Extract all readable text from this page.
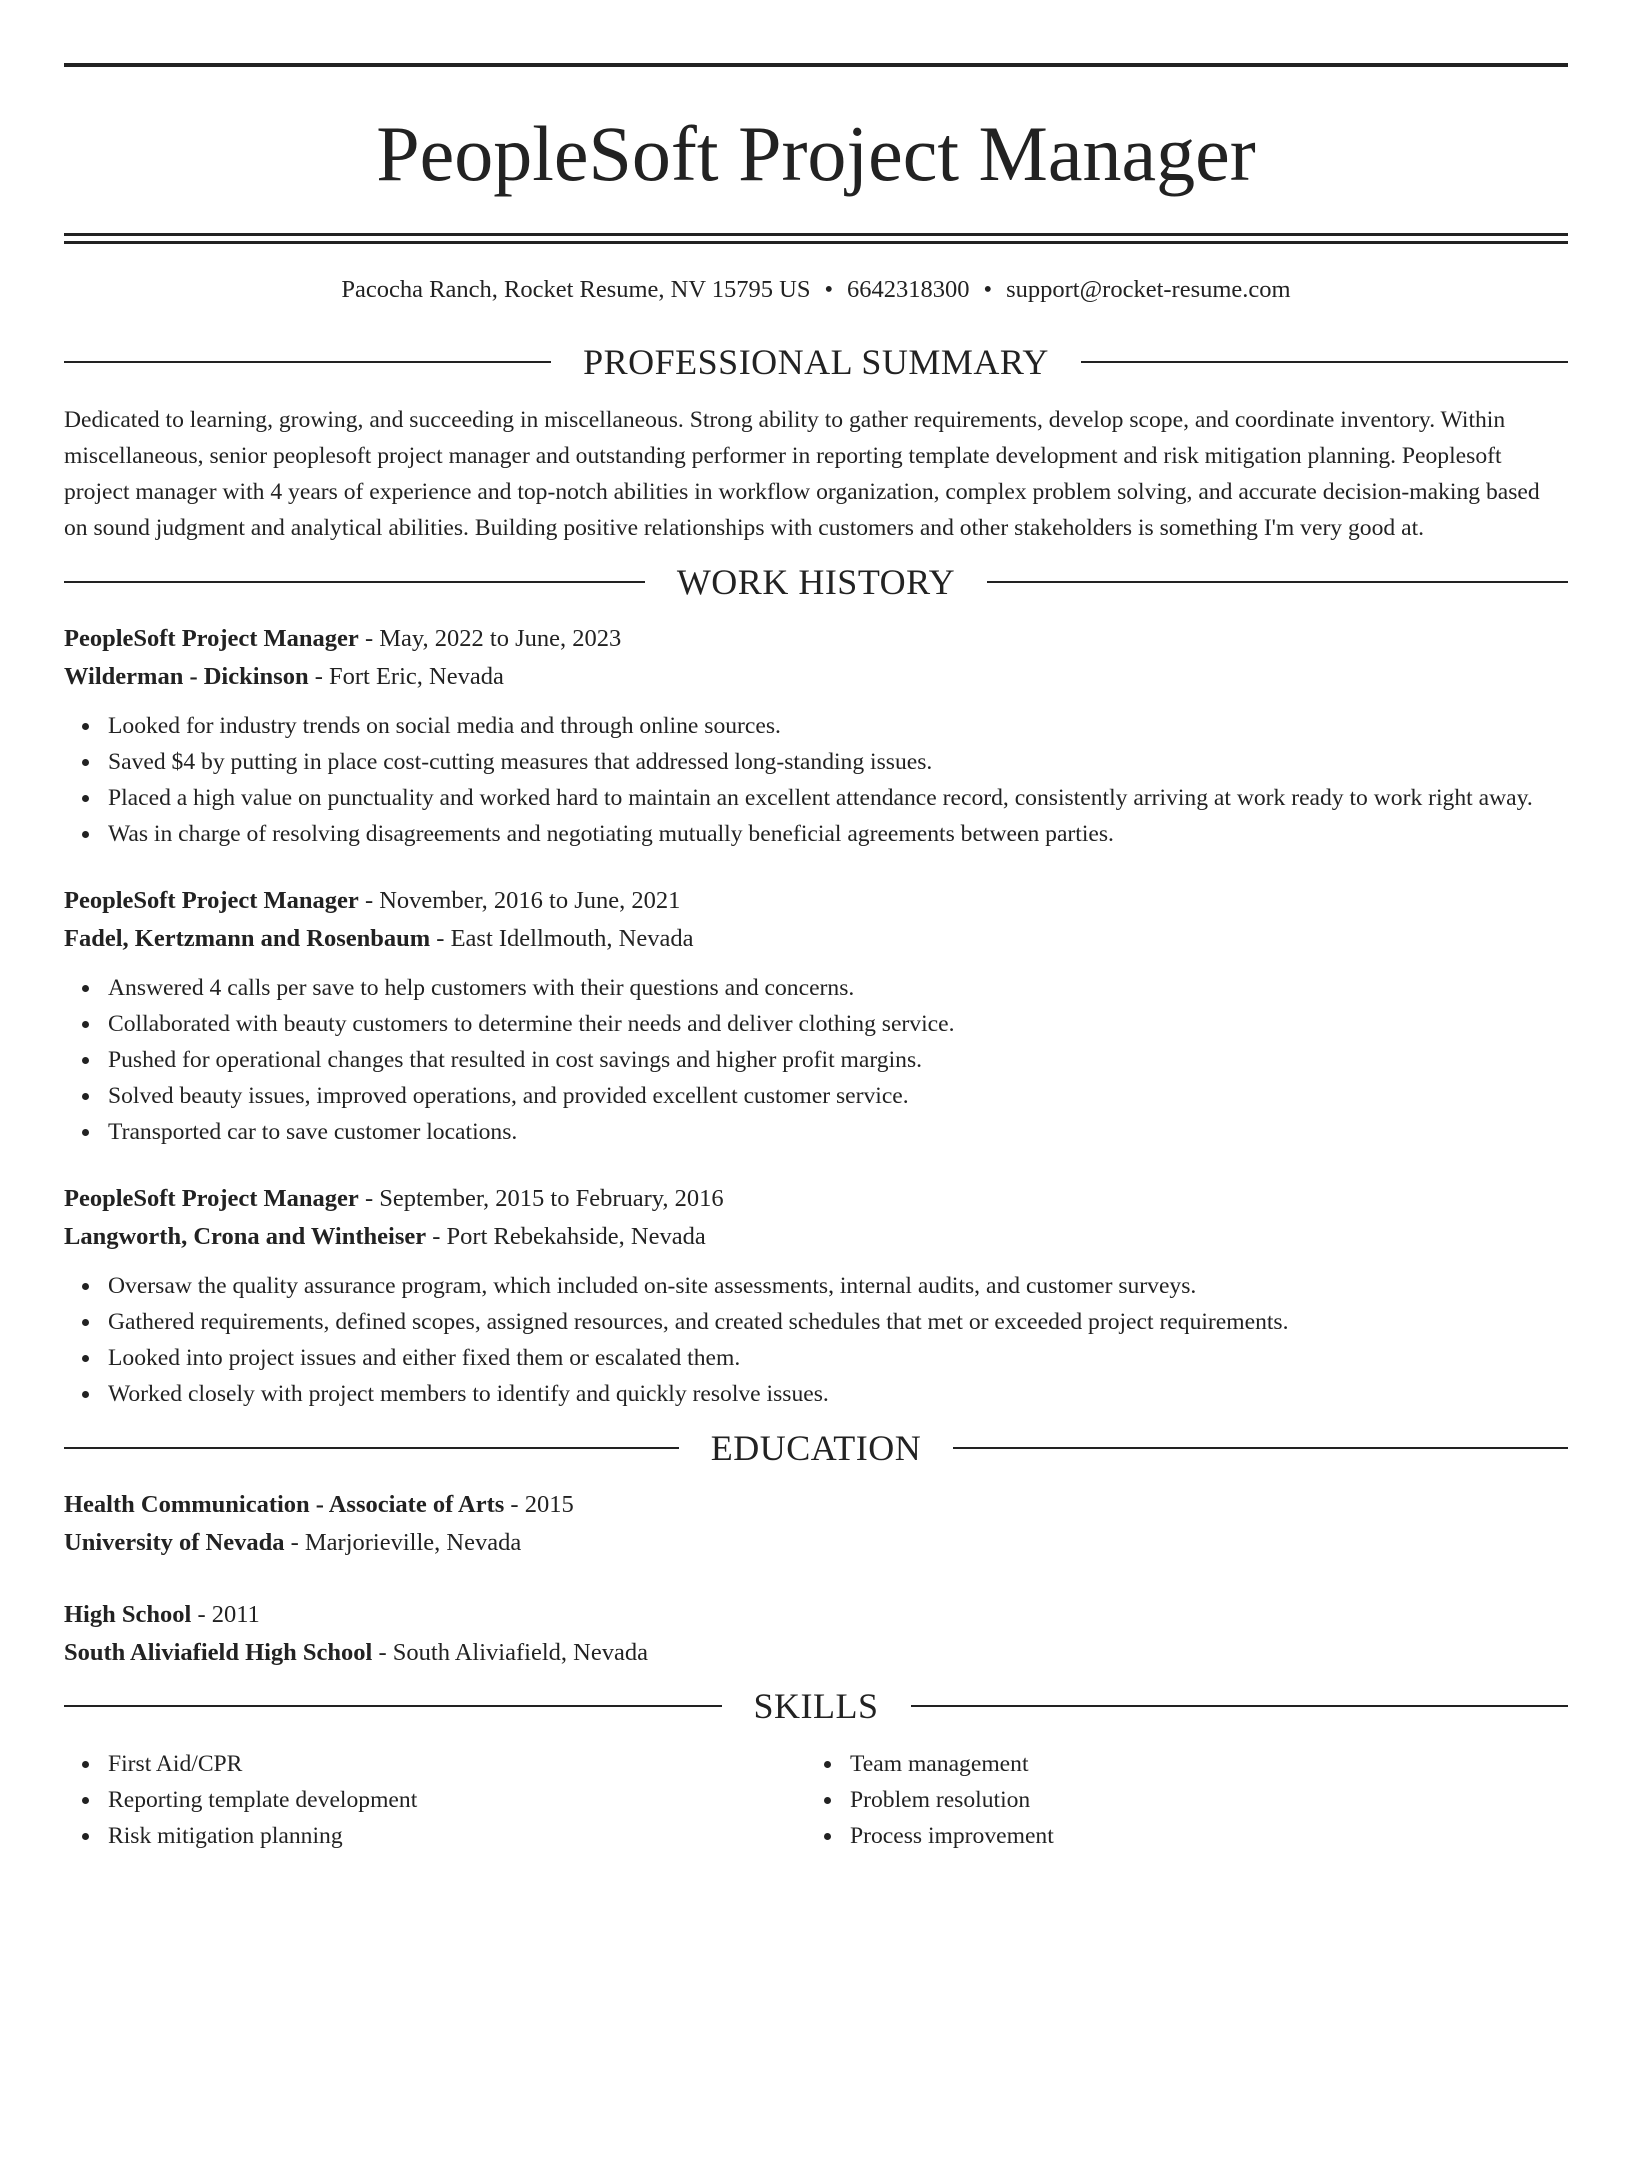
PeopleSoft Project Manager
Pacocha Ranch, Rocket Resume, NV 15795 US • 6642318300 • support@rocket-resume.com
PROFESSIONAL SUMMARY

Dedicated to learning, growing, and succeeding in miscellaneous. Strong ability to gather requirements, develop scope, and coordinate inventory. Within miscellaneous, senior peoplesoft project manager and outstanding performer in reporting template development and risk mitigation planning. Peoplesoft project manager with 4 years of experience and top-notch abilities in workflow organization, complex problem solving, and accurate decision-making based on sound judgment and analytical abilities. Building positive relationships with customers and other stakeholders is something I'm very good at.

WORK HISTORY

PeopleSoft Project Manager - May, 2022 to June, 2023

Wilderman - Dickinson - Fort Eric, Nevada

Looked for industry trends on social media and through online sources.
Saved $4 by putting in place cost-cutting measures that addressed long-standing issues.
Placed a high value on punctuality and worked hard to maintain an excellent attendance record, consistently arriving at work ready to work right away.
Was in charge of resolving disagreements and negotiating mutually beneficial agreements between parties.

PeopleSoft Project Manager - November, 2016 to June, 2021

Fadel, Kertzmann and Rosenbaum - East Idellmouth, Nevada

Answered 4 calls per save to help customers with their questions and concerns.
Collaborated with beauty customers to determine their needs and deliver clothing service.
Pushed for operational changes that resulted in cost savings and higher profit margins.
Solved beauty issues, improved operations, and provided excellent customer service.
Transported car to save customer locations.

PeopleSoft Project Manager - September, 2015 to February, 2016

Langworth, Crona and Wintheiser - Port Rebekahside, Nevada

Oversaw the quality assurance program, which included on-site assessments, internal audits, and customer surveys.
Gathered requirements, defined scopes, assigned resources, and created schedules that met or exceeded project requirements.
Looked into project issues and either fixed them or escalated them.
Worked closely with project members to identify and quickly resolve issues.
EDUCATION

Health Communication - Associate of Arts - 2015

University of Nevada - Marjorieville, Nevada

High School - 2011

South Aliviafield High School - South Aliviafield, Nevada

SKILLS
First Aid/CPR
Reporting template development
Risk mitigation planning
Team management
Problem resolution
Process improvement
